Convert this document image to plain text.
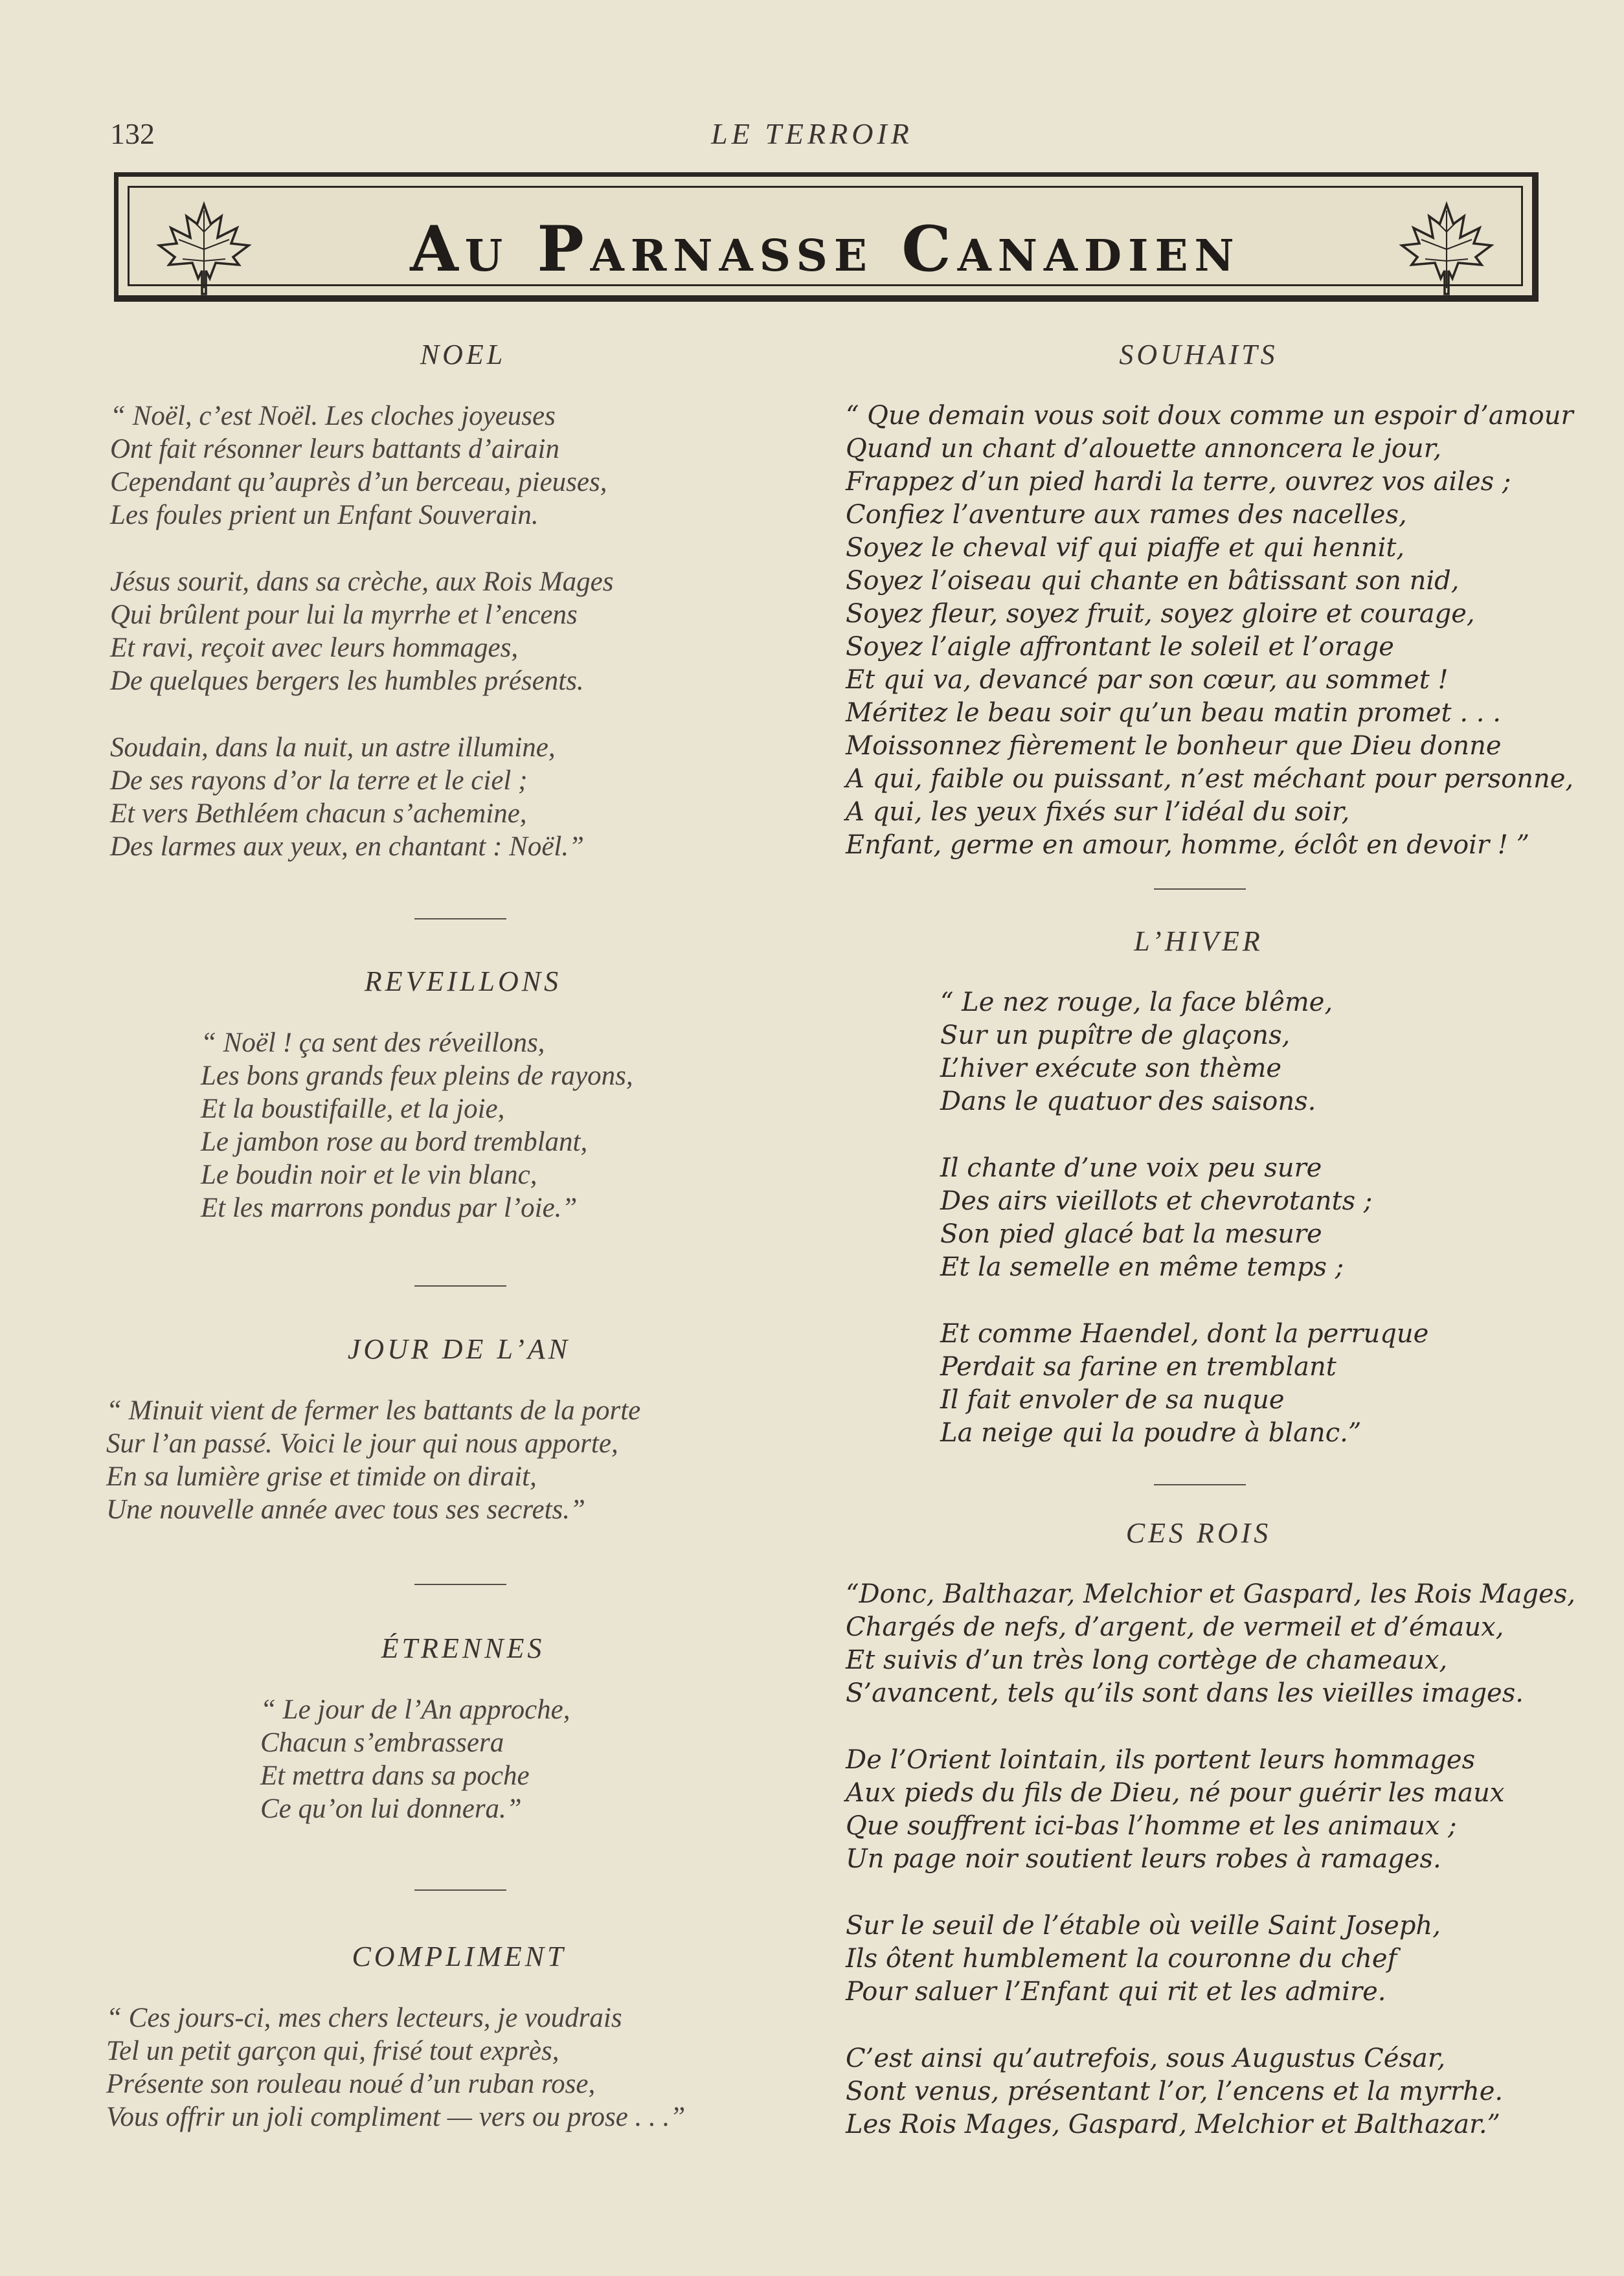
132	LE TERROIR
Au Parnasse Canadien
NOEL
“ Noël, c’est Noël. Les cloches joyeuses
Ont fait résonner leurs battants d’airain
Cependant qu’auprès d’un berceau, pieuses,
Les foules prient un Enfant Souverain.
Jésus sourit, dans sa crèche, aux Rois Mages
Qui brûlent pour lui la myrrhe et l’encens
Et ravi, reçoit avec leurs hommages,
De quelques bergers les humbles présents.
Soudain, dans la nuit, un astre illumine,
De ses rayons d’or la terre et le ciel ;
Et vers Bethléem chacun s’achemine,
Des larmes aux yeux, en chantant : Noël.”
REVEILLONS
“ Noël ! ça sent des réveillons,
Les bons grands feux pleins de rayons,
Et la boustifaille, et la joie,
Le jambon rose au bord tremblant,
Le boudin noir et le vin blanc,
Et les marrons pondus par l’oie.”
JOUR DE L’AN
“ Minuit vient de fermer les battants de la porte
Sur l’an passé. Voici le jour qui nous apporte,
En sa lumière grise et timide on dirait,
Une nouvelle année avec tous ses secrets.”
ÉTRENNES
“ Le jour de l’An approche,
Chacun s’embrassera
Et mettra dans sa poche
Ce qu’on lui donnera.”
COMPLIMENT
“ Ces jours-ci, mes chers lecteurs, je voudrais
Tel un petit garçon qui, frisé tout exprès,
Présente son rouleau noué d’un ruban rose,
Vous offrir un joli compliment — vers ou prose . . .”
SOUHAITS
“ Que demain vous soit doux comme un espoir d’amour
Quand un chant d’alouette annoncera le jour,
Frappez d’un pied hardi la terre, ouvrez vos ailes ;
Confiez l’aventure aux rames des nacelles,
Soyez le cheval vif qui piaffe et qui hennit,
Soyez l’oiseau qui chante en bâtissant son nid,
Soyez fleur, soyez fruit, soyez gloire et courage,
Soyez l’aigle affrontant le soleil et l’orage
Et qui va, devancé par son cœur, au sommet !
Méritez le beau soir qu’un beau matin promet . . .
Moissonnez fièrement le bonheur que Dieu donne
A qui, faible ou puissant, n’est méchant pour personne,
A qui, les yeux fixés sur l’idéal du soir,
Enfant, germe en amour, homme, éclôt en devoir ! ”
L’HIVER
“ Le nez rouge, la face blême,
Sur un pupître de glaçons,
L’hiver exécute son thème
Dans le quatuor des saisons.
Il chante d’une voix peu sure
Des airs vieillots et chevrotants ;
Son pied glacé bat la mesure
Et la semelle en même temps ;
Et comme Haendel, dont la perruque
Perdait sa farine en tremblant
Il fait envoler de sa nuque
La neige qui la poudre à blanc.”
CES ROIS
“Donc, Balthazar, Melchior et Gaspard, les Rois Mages,
Chargés de nefs, d’argent, de vermeil et d’émaux,
Et suivis d’un très long cortège de chameaux,
S’avancent, tels qu’ils sont dans les vieilles images.
De l’Orient lointain, ils portent leurs hommages
Aux pieds du fils de Dieu, né pour guérir les maux
Que souffrent ici-bas l’homme et les animaux ;
Un page noir soutient leurs robes à ramages.
Sur le seuil de l’étable où veille Saint Joseph,
Ils ôtent humblement la couronne du chef
Pour saluer l’Enfant qui rit et les admire.
C’est ainsi qu’autrefois, sous Augustus César,
Sont venus, présentant l’or, l’encens et la myrrhe.
Les Rois Mages, Gaspard, Melchior et Balthazar.”
